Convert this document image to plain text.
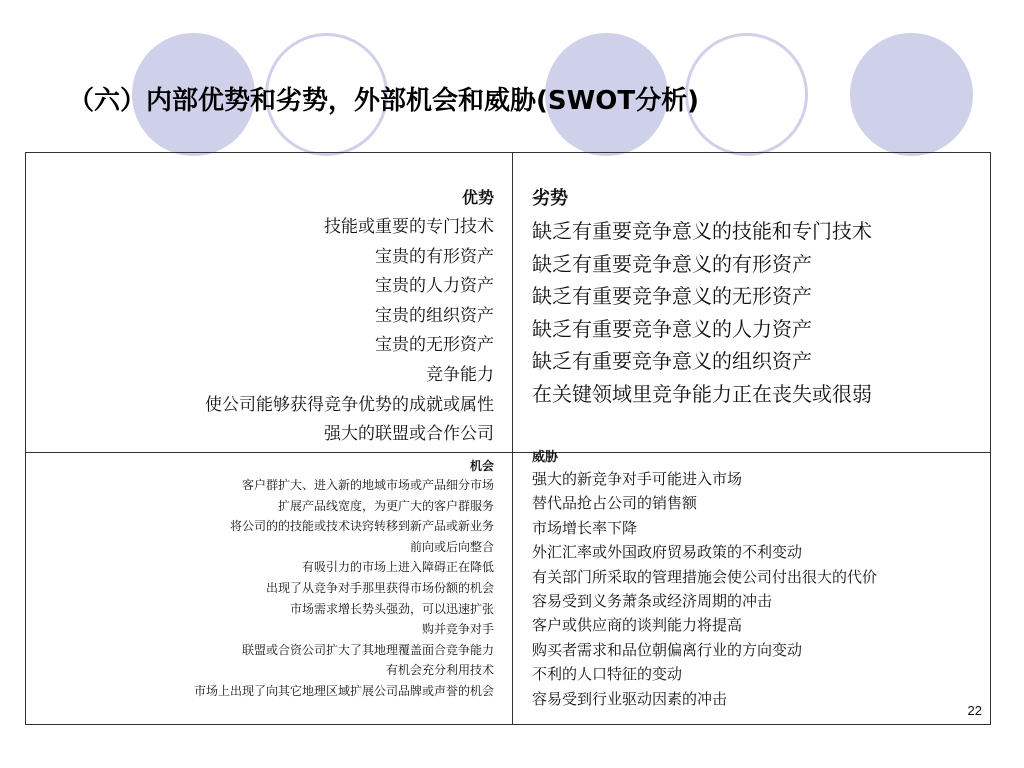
（六）内部优势和劣势，外部机会和威胁(SWOT分析)
优势
技能或重要的专门技术
宝贵的有形资产
宝贵的人力资产
宝贵的组织资产
宝贵的无形资产
竞争能力
使公司能够获得竞争优势的成就或属性
强大的联盟或合作公司
劣势
缺乏有重要竞争意义的技能和专门技术
缺乏有重要竞争意义的有形资产
缺乏有重要竞争意义的无形资产
缺乏有重要竞争意义的人力资产
缺乏有重要竞争意义的组织资产
在关键领域里竞争能力正在丧失或很弱
机会
客户群扩大、进入新的地域市场或产品细分市场
扩展产品线宽度，为更广大的客户群服务
将公司的的技能或技术诀窍转移到新产品或新业务
前向或后向整合
有吸引力的市场上进入障碍正在降低
出现了从竞争对手那里获得市场份额的机会
市场需求增长势头强劲，可以迅速扩张
购并竞争对手
联盟或合资公司扩大了其地理覆盖面合竞争能力
有机会充分利用技术
市场上出现了向其它地理区域扩展公司品牌或声誉的机会
威胁
强大的新竞争对手可能进入市场
替代品抢占公司的销售额
市场增长率下降
外汇汇率或外国政府贸易政策的不利变动
有关部门所采取的管理措施会使公司付出很大的代价
容易受到义务萧条或经济周期的冲击
客户或供应商的谈判能力将提高
购买者需求和品位朝偏离行业的方向变动
不利的人口特征的变动
容易受到行业驱动因素的冲击
22
